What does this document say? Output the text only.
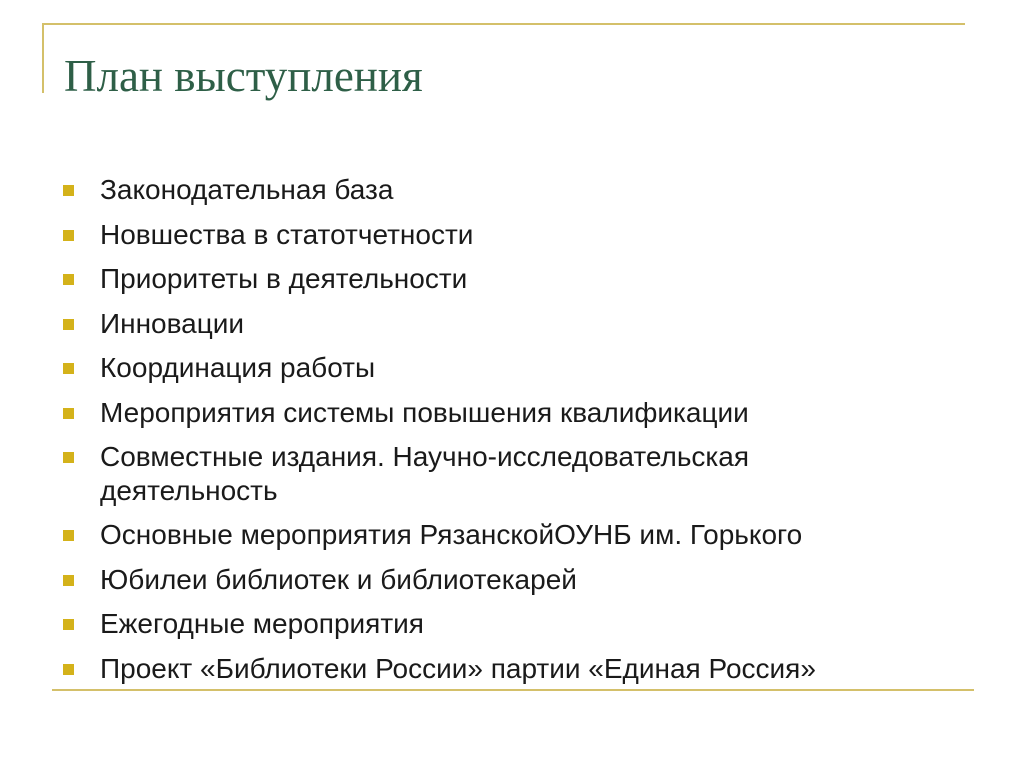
План выступления
Законодательная база
Новшества в статотчетности
Приоритеты в деятельности
Инновации
Координация работы
Мероприятия системы повышения квалификации
Совместные издания. Научно-исследовательская деятельность
Основные мероприятия РязанскойОУНБ им. Горького
Юбилеи библиотек и библиотекарей
Ежегодные мероприятия
Проект «Библиотеки России» партии «Единая Россия»
